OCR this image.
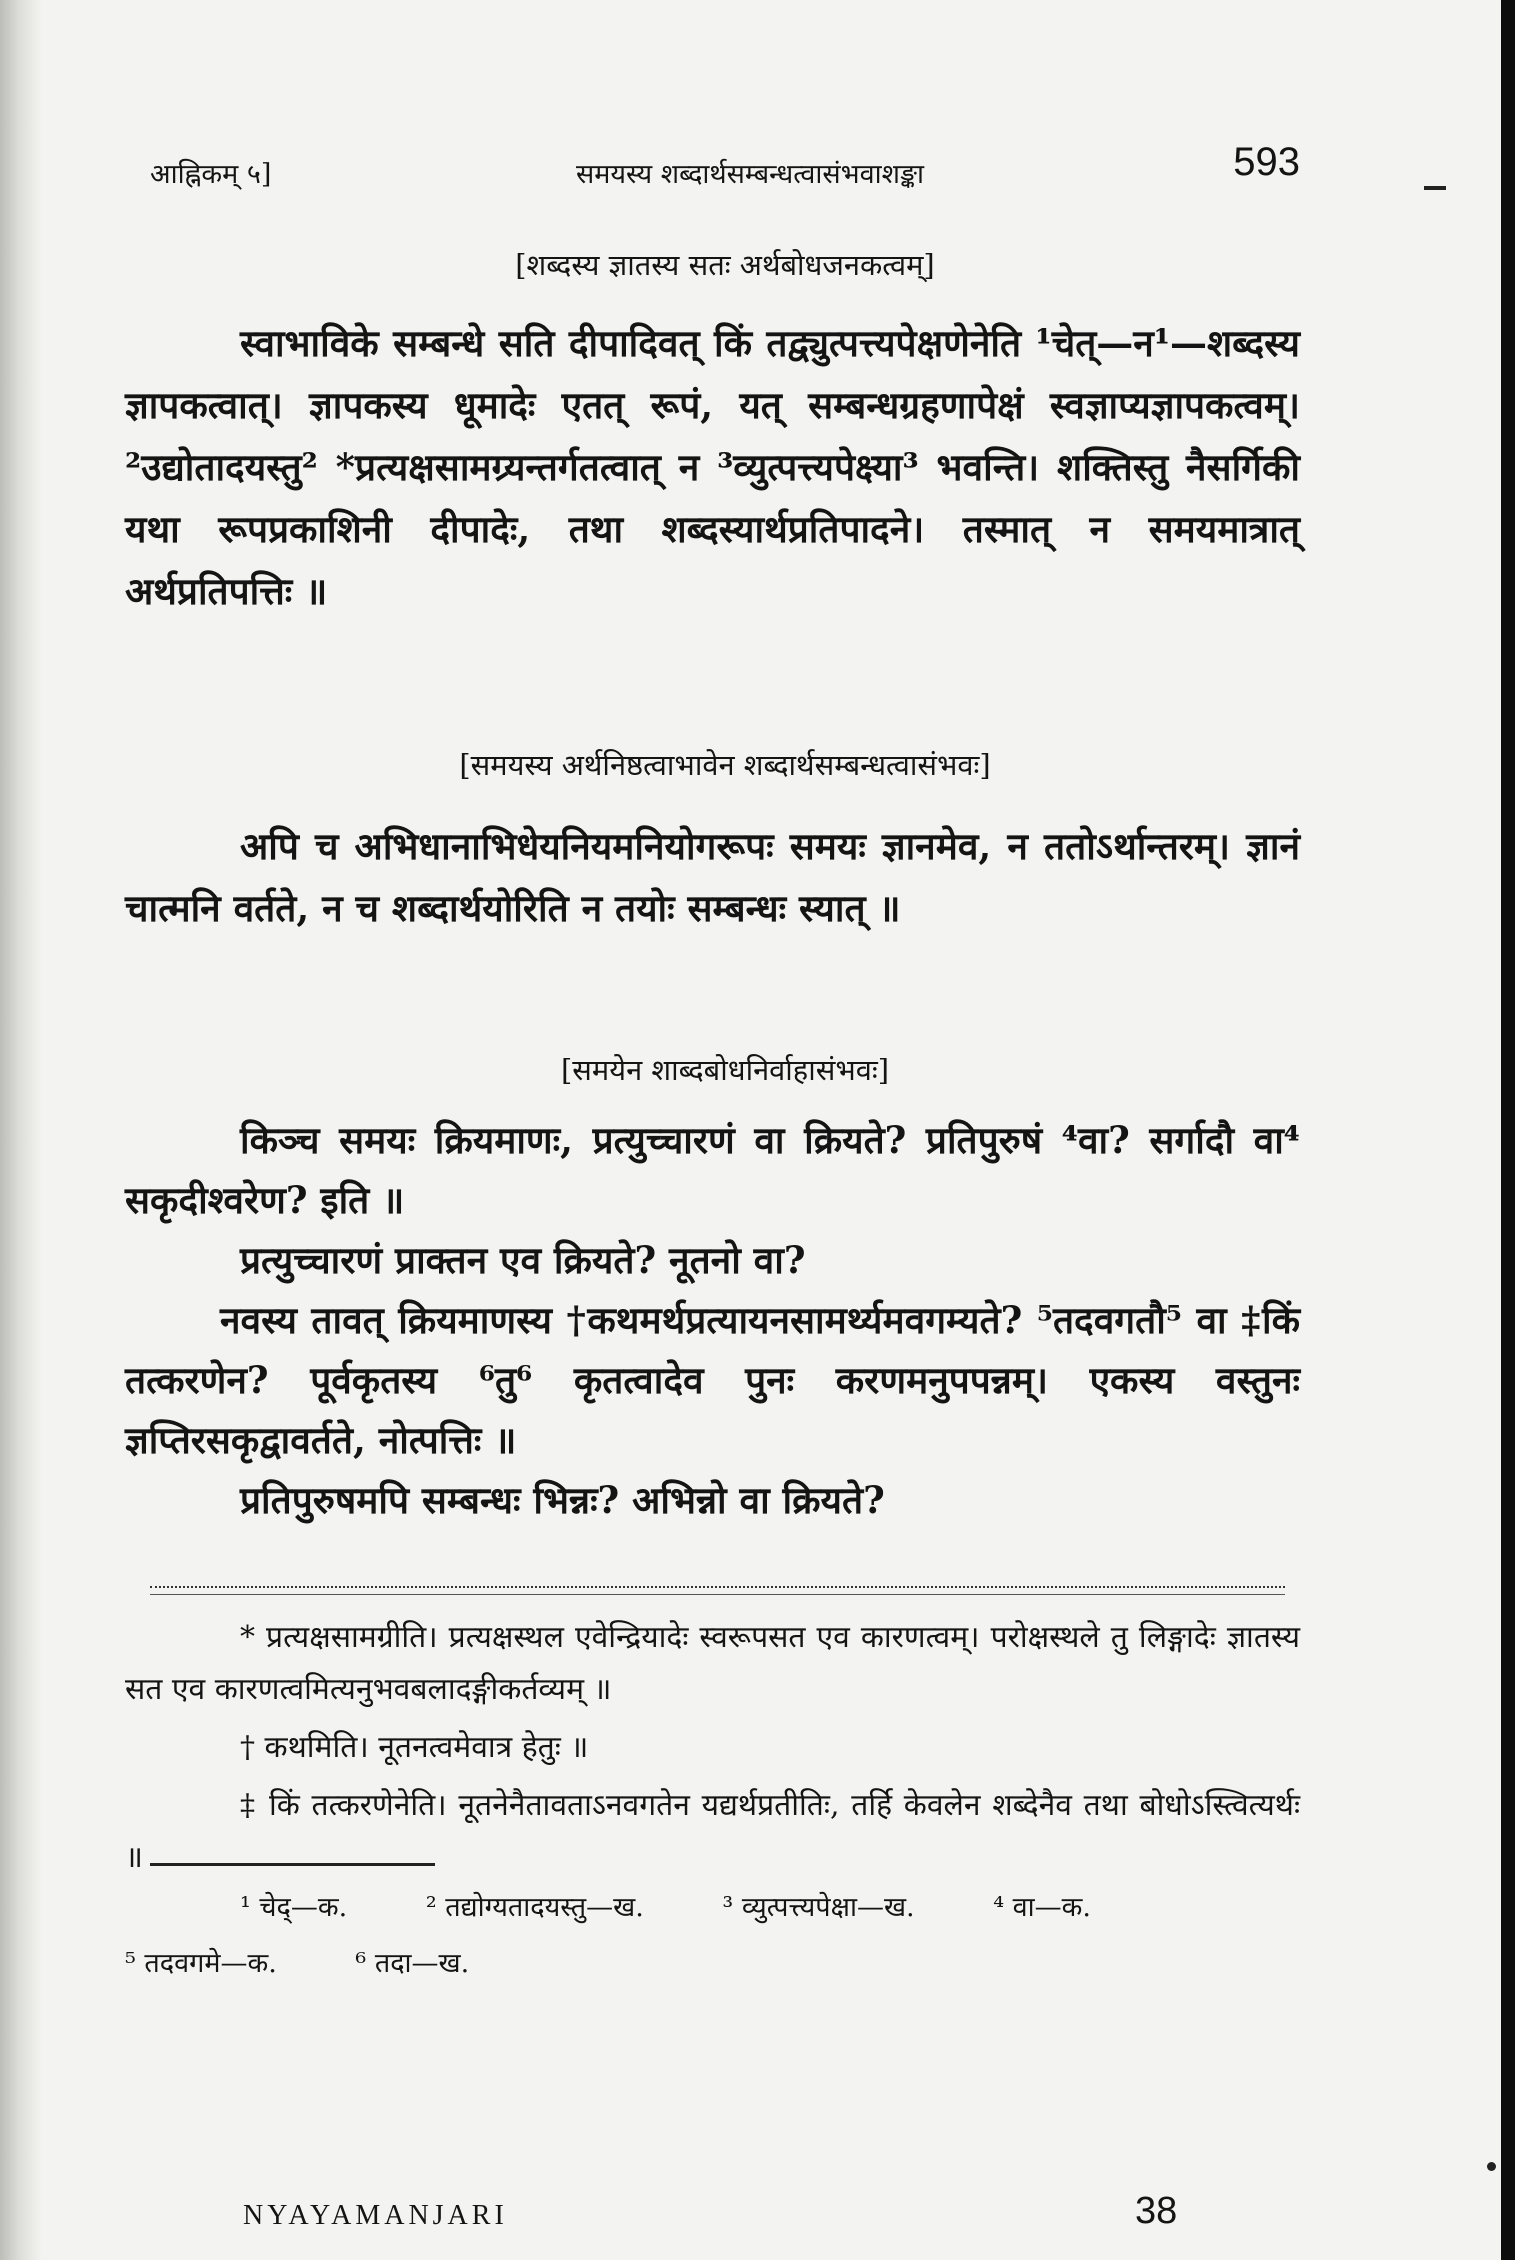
आह्निकम् ५]	समयस्य शब्दार्थसम्बन्धत्वासंभवाशङ्का	593
[शब्दस्य ज्ञातस्य सतः अर्थबोधजनकत्वम्]

स्वाभाविके सम्बन्धे सति दीपादिवत् किं तद्व्युत्पत्त्यपेक्षणेनेति ¹चेत्—न¹—शब्दस्य ज्ञापकत्वात्। ज्ञापकस्य धूमादेः एतत् रूपं, यत् सम्बन्धग्रहणापेक्षं स्वज्ञाप्यज्ञापकत्वम्। ²उद्योतादयस्तु² *प्रत्यक्षसामग्र्यन्तर्गतत्वात् न ³व्युत्पत्त्यपेक्ष्या³ भवन्ति। शक्तिस्तु नैसर्गिकी यथा रूपप्रकाशिनी दीपादेः, तथा शब्दस्यार्थप्रतिपादने। तस्मात् न समयमात्रात् अर्थप्रतिपत्तिः ॥

[समयस्य अर्थनिष्ठत्वाभावेन शब्दार्थसम्बन्धत्वासंभवः]

अपि च अभिधानाभिधेयनियमनियोगरूपः समयः ज्ञानमेव, न ततोऽर्थान्तरम्। ज्ञानं चात्मनि वर्तते, न च शब्दार्थयोरिति न तयोः सम्बन्धः स्यात् ॥

[समयेन शाब्दबोधनिर्वाहासंभवः]

किञ्च समयः क्रियमाणः, प्रत्युच्चारणं वा क्रियते? प्रतिपुरुषं ⁴वा? सर्गादौ वा⁴ सकृदीश्वरेण? इति ॥

प्रत्युच्चारणं प्राक्तन एव क्रियते? नूतनो वा?

नवस्य तावत् क्रियमाणस्य †कथमर्थप्रत्यायनसामर्थ्यमवगम्यते? ⁵तदवगतौ⁵ वा ‡किं तत्करणेन? पूर्वकृतस्य ⁶तु⁶ कृतत्वादेव पुनः करणमनुपपन्नम्। एकस्य वस्तुनः ज्ञप्तिरसकृद्वावर्तते, नोत्पत्तिः ॥

प्रतिपुरुषमपि सम्बन्धः भिन्नः? अभिन्नो वा क्रियते?

* प्रत्यक्षसामग्रीति। प्रत्यक्षस्थल एवेन्द्रियादेः स्वरूपसत एव कारणत्वम्। परोक्षस्थले तु लिङ्गादेः ज्ञातस्य सत एव कारणत्वमित्यनुभवबलादङ्गीकर्तव्यम् ॥

† कथमिति। नूतनत्वमेवात्र हेतुः ॥

‡ किं तत्करणेनेति। नूतनेनैतावताऽनवगतेन यद्यर्थप्रतीतिः, तर्हि केवलेन शब्देनैव तथा बोधोऽस्त्वित्यर्थः ॥

¹ चेद्—क.	² तद्योग्यतादयस्तु—ख.	³ व्युत्पत्त्यपेक्षा—ख.	⁴ वा—क.
⁵ तदवगमे—क.	⁶ तदा—ख.
NYAYAMANJARI	38
